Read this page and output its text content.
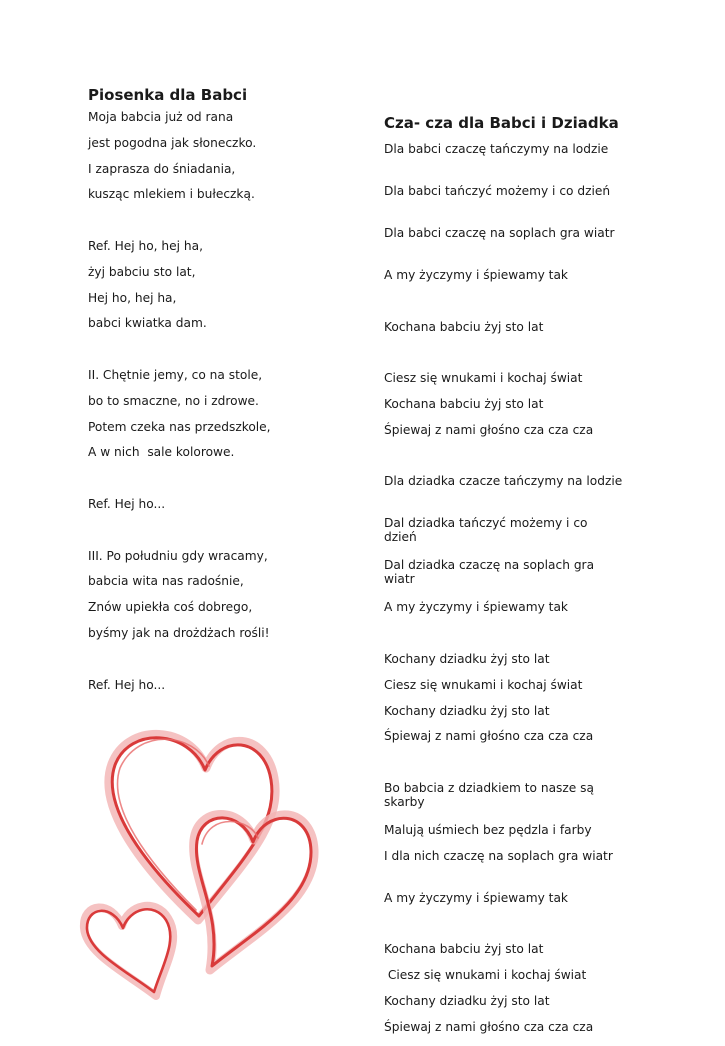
Piosenka dla Babci

Moja babcia już od rana

jest pogodna jak słoneczko.

I zaprasza do śniadania,

kusząc mlekiem i bułeczką.

Ref. Hej ho, hej ha,

żyj babciu sto lat,

Hej ho, hej ha,

babci kwiatka dam.

II. Chętnie jemy, co na stole,

bo to smaczne, no i zdrowe.

Potem czeka nas przedszkole,

A w nich  sale kolorowe.

Ref. Hej ho...

III. Po południu gdy wracamy,

babcia wita nas radośnie,

Znów upiekła coś dobrego,

byśmy jak na drożdżach rośli!

Ref. Hej ho...

Cza- cza dla Babci i Dziadka

Dla babci czaczę tańczymy na lodzie

Dla babci tańczyć możemy i co dzień

Dla babci czaczę na soplach gra wiatr

A my życzymy i śpiewamy tak

Kochana babciu żyj sto lat

Ciesz się wnukami i kochaj świat

Kochana babciu żyj sto lat

Śpiewaj z nami głośno cza cza cza

Dla dziadka czacze tańczymy na lodzie

Dal dziadka tańczyć możemy i co dzień

Dal dziadka czaczę na soplach gra wiatr

A my życzymy i śpiewamy tak

Kochany dziadku żyj sto lat

Ciesz się wnukami i kochaj świat

Kochany dziadku żyj sto lat

Śpiewaj z nami głośno cza cza cza

Bo babcia z dziadkiem to nasze są skarby

Malują uśmiech bez pędzla i farby

I dla nich czaczę na soplach gra wiatr

A my życzymy i śpiewamy tak

Kochana babciu żyj sto lat

Ciesz się wnukami i kochaj świat

Kochany dziadku żyj sto lat

Śpiewaj z nami głośno cza cza cza
